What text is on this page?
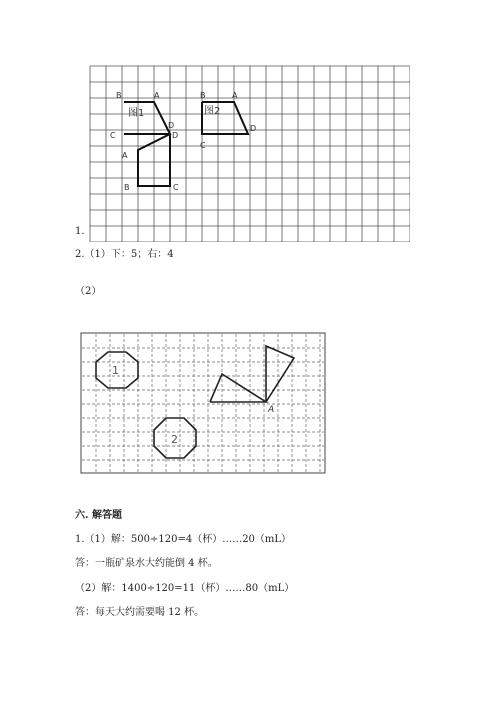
B	A
图1
C
D
D
A
B	C
图2
B	A
D
C
1.
2.（1）下：5；右：4
（2）
1
2
A
六. 解答题
1.（1）解：500÷120=4（杯）……20（mL）
答：一瓶矿泉水大约能倒 4 杯。
（2）解：1400÷120=11（杯）……80（mL）
答：每天大约需要喝 12 杯。
